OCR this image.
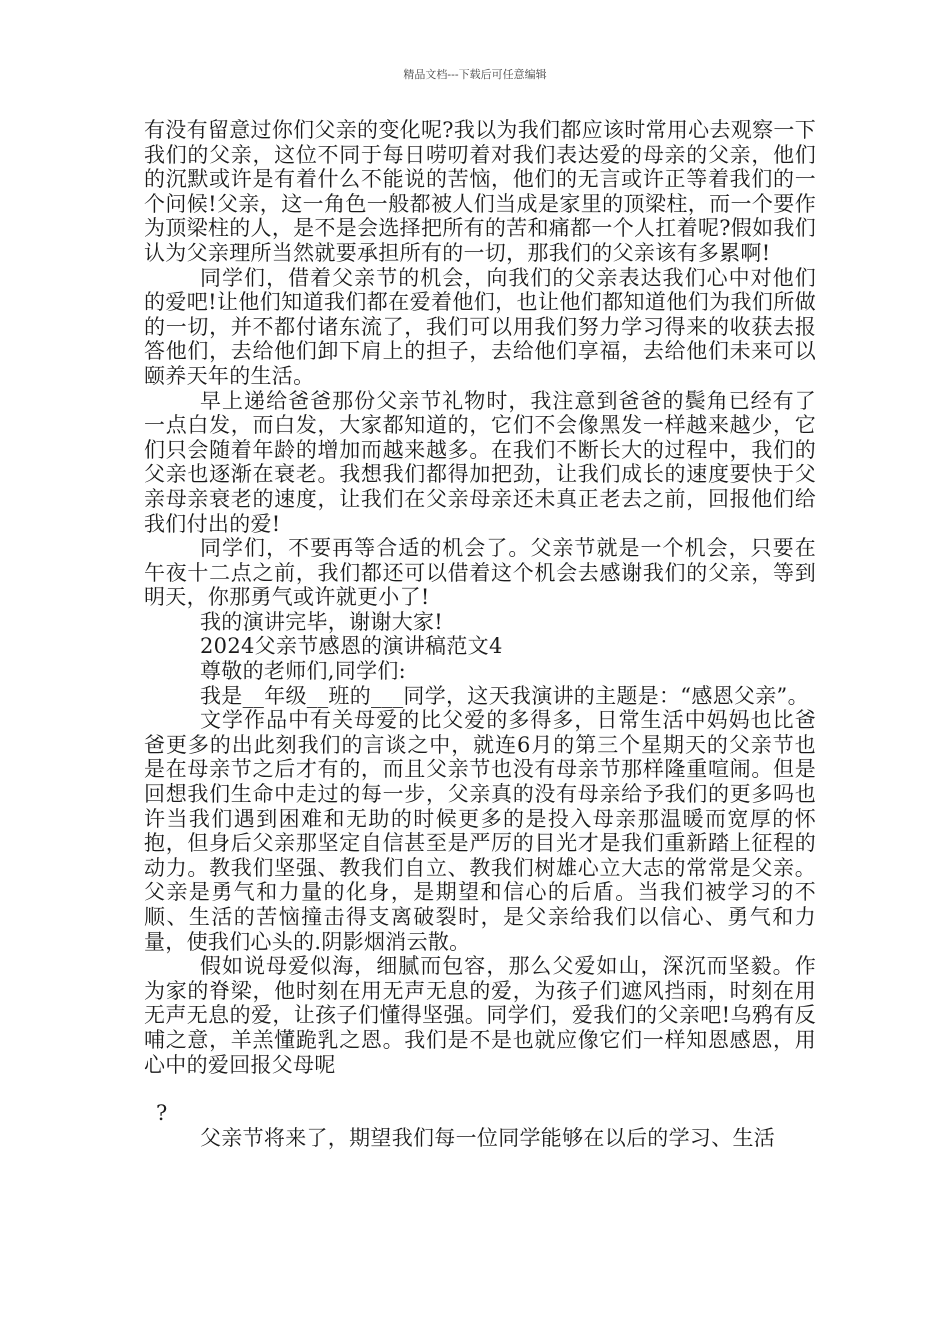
精品文档---下载后可任意编辑

有没有留意过你们父亲的变化呢?我以为我们都应该时常用心去观察一下我们的父亲，这位不同于每日唠叨着对我们表达爱的母亲的父亲，他们的沉默或许是有着什么不能说的苦恼，他们的无言或许正等着我们的一个问候!父亲，这一角色一般都被人们当成是家里的顶梁柱，而一个要作为顶梁柱的人，是不是会选择把所有的苦和痛都一个人扛着呢?假如我们认为父亲理所当然就要承担所有的一切，那我们的父亲该有多累啊!

同学们，借着父亲节的机会，向我们的父亲表达我们心中对他们的爱吧!让他们知道我们都在爱着他们，也让他们都知道他们为我们所做的一切，并不都付诸东流了，我们可以用我们努力学习得来的收获去报答他们，去给他们卸下肩上的担子，去给他们享福，去给他们未来可以颐养天年的生活。

早上递给爸爸那份父亲节礼物时，我注意到爸爸的鬓角已经有了一点白发，而白发，大家都知道的，它们不会像黑发一样越来越少，它们只会随着年龄的增加而越来越多。在我们不断长大的过程中，我们的父亲也逐渐在衰老。我想我们都得加把劲，让我们成长的速度要快于父亲母亲衰老的速度，让我们在父亲母亲还未真正老去之前，回报他们给我们付出的爱!

同学们，不要再等合适的机会了。父亲节就是一个机会，只要在午夜十二点之前，我们都还可以借着这个机会去感谢我们的父亲，等到明天，你那勇气或许就更小了!

我的演讲完毕，谢谢大家!

2024父亲节感恩的演讲稿范文4

尊敬的老师们,同学们:

我是__年级__班的___同学，这天我演讲的主题是：“感恩父亲”。

文学作品中有关母爱的比父爱的多得多，日常生活中妈妈也比爸爸更多的出此刻我们的言谈之中，就连6月的第三个星期天的父亲节也是在母亲节之后才有的，而且父亲节也没有母亲节那样隆重喧闹。但是回想我们生命中走过的每一步，父亲真的没有母亲给予我们的更多吗也许当我们遇到困难和无助的时候更多的是投入母亲那温暖而宽厚的怀抱，但身后父亲那坚定自信甚至是严厉的目光才是我们重新踏上征程的动力。教我们坚强、教我们自立、教我们树雄心立大志的常常是父亲。父亲是勇气和力量的化身，是期望和信心的后盾。当我们被学习的不顺、生活的苦恼撞击得支离破裂时，是父亲给我们以信心、勇气和力量，使我们心头的.阴影烟消云散。

假如说母爱似海，细腻而包容，那么父爱如山，深沉而坚毅。作为家的脊梁，他时刻在用无声无息的爱，为孩子们遮风挡雨，时刻在用无声无息的爱，让孩子们懂得坚强。同学们，爱我们的父亲吧!乌鸦有反哺之意，羊羔懂跪乳之恩。我们是不是也就应像它们一样知恩感恩，用心中的爱回报父母呢

?

父亲节将来了，期望我们每一位同学能够在以后的学习、生活
